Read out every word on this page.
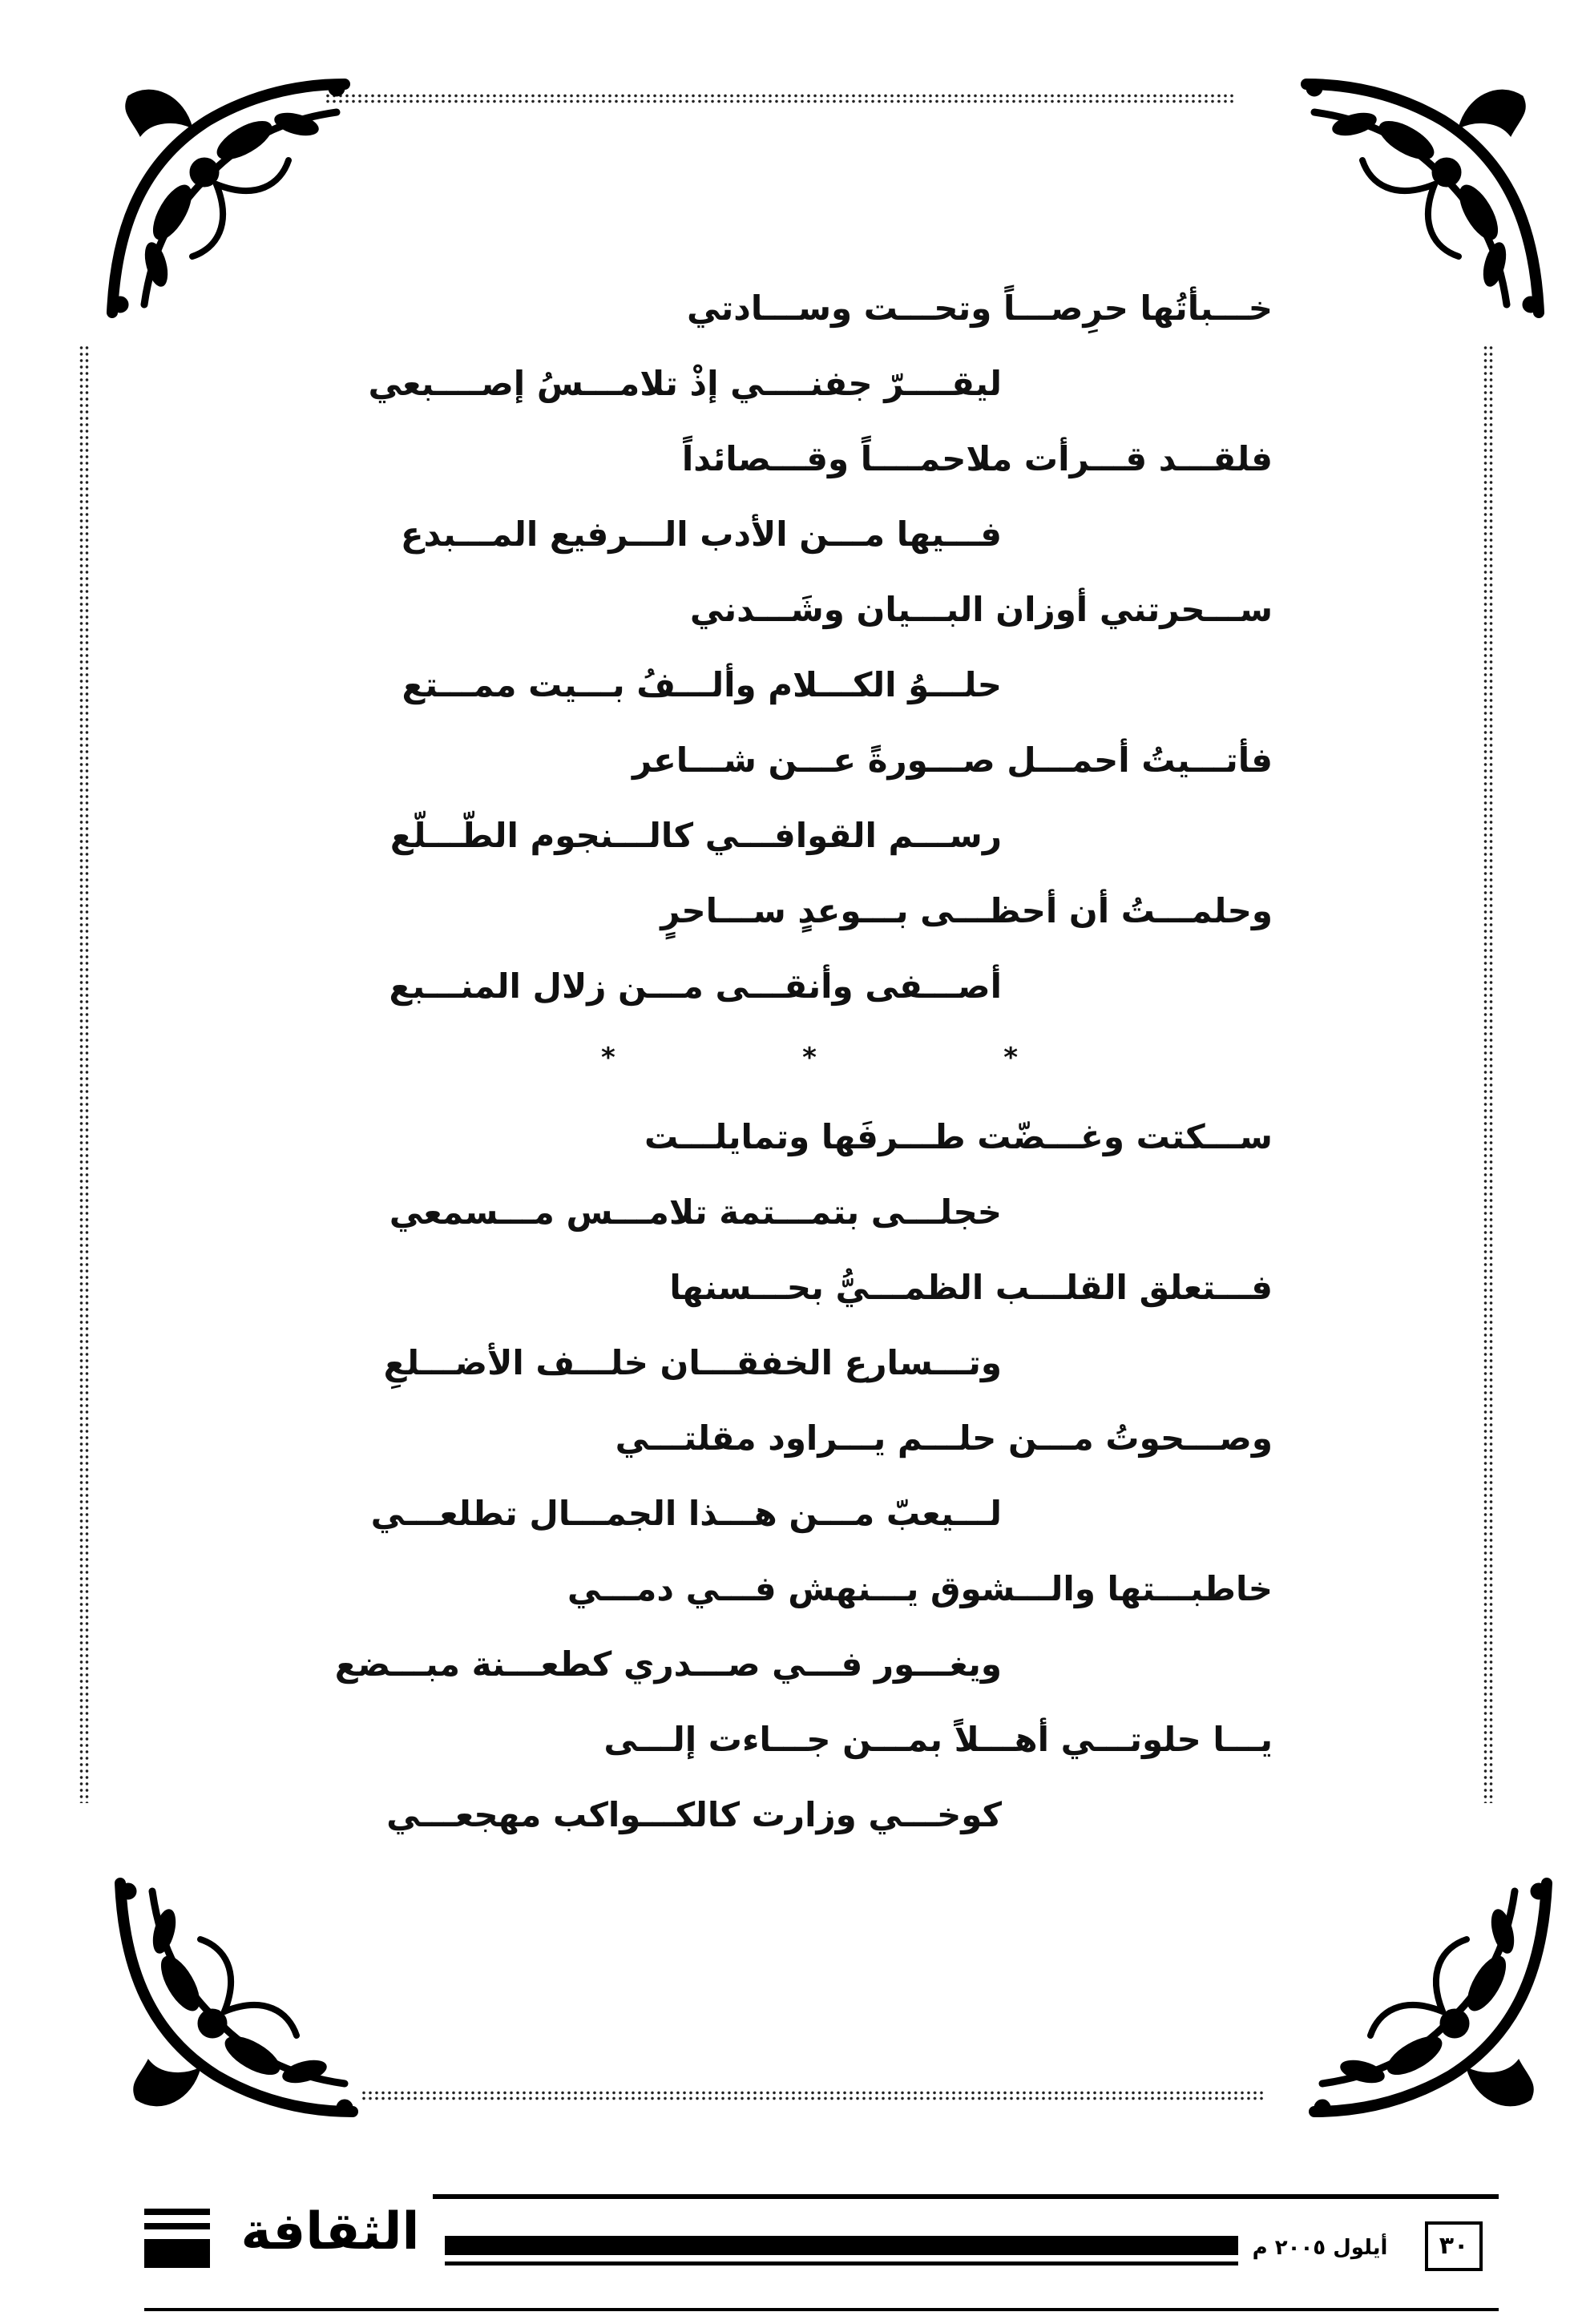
خـــبأتُها حرِصـــاً وتحـــت وســـادتي
ليقــــرّ جفنــــي إذْ تلامـــسُ إصــــبعي
فلقـــد قـــرأت ملاحمــــاً وقـــصائداً
فـــيها مـــن الأدب الـــرفيع المـــبدع
ســـحرتني أوزان البـــيان وشَـــدني
حلـــوُ الكـــلام وألـــفُ بـــيت ممـــتع
فأتـــيتُ أحمـــل صـــورةً عـــن شـــاعر
رســـم القوافـــي كالـــنجوم الطّـــلّع
وحلمـــتُ أن أحظـــى بـــوعدٍ ســـاحرٍ
أصـــفى وأنقـــى مـــن زلال المنـــبع
*	*	*
ســـكتت وغـــضّت طـــرفَها وتمايلـــت
خجلـــى بتمـــتمة تلامـــس مـــسمعي
فـــتعلق القلـــب الظمـــيُّ بحـــسنها
وتـــسارع الخفقـــان خلـــف الأضـــلعِ
وصـــحوتُ مـــن حلـــم يـــراود مقلتـــي
لـــيعبّ مـــن هـــذا الجمـــال تطلعـــي
خاطبـــتها والـــشوق يـــنهش فـــي دمـــي
ويغـــور فـــي صـــدري كطعـــنة مبـــضع
يـــا حلوتـــي أهـــلاً بمـــن جـــاءت إلـــى
كوخـــي وزارت كالكـــواكب مهجعـــي
الثقافة	أيلول ٢٠٠٥ م	٣٠
